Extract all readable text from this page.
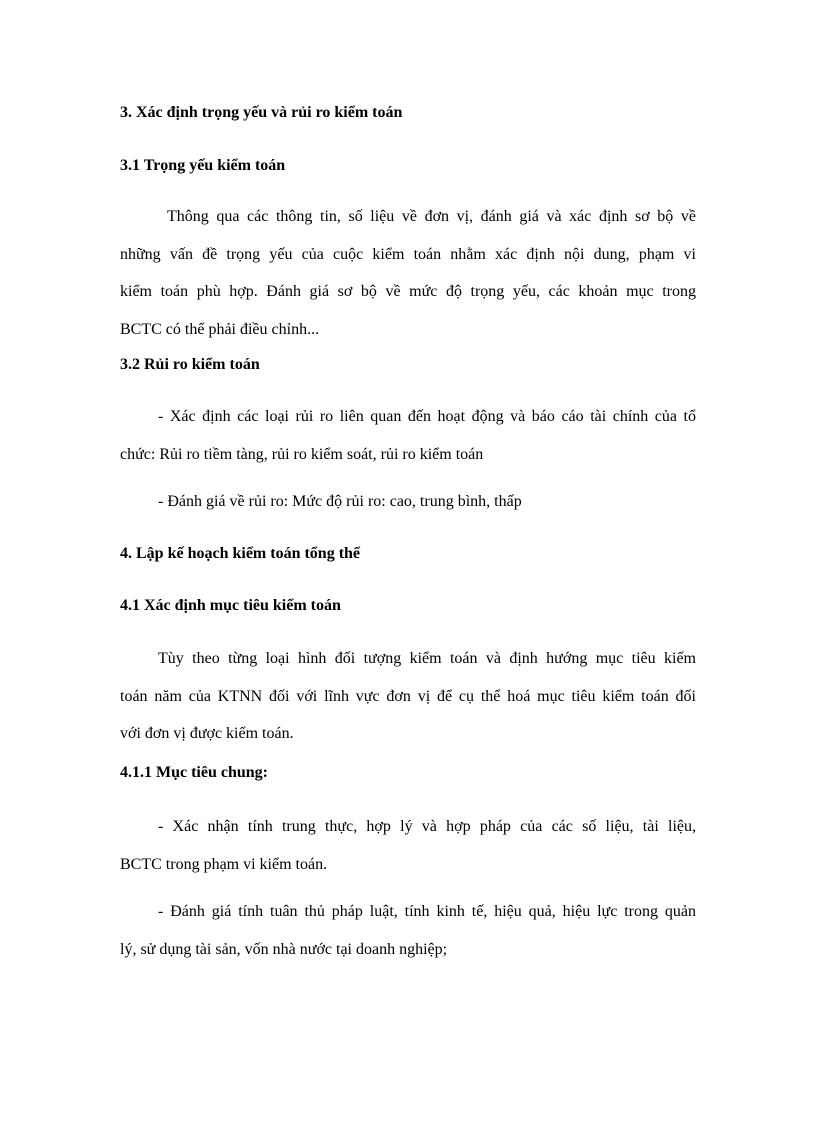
3. Xác định trọng yếu và rủi ro kiểm toán
3.1 Trọng yếu kiểm toán
Thông qua các thông tin, số liệu về đơn vị, đánh giá và xác định sơ bộ về
những vấn đề trọng yếu của cuộc kiểm toán nhằm xác định nội dung, phạm vi
kiểm toán phù hợp. Đánh giá sơ bộ về mức độ trọng yếu, các khoản mục trong
BCTC có thể phải điều chỉnh...
3.2 Rủi ro kiểm toán
- Xác định các loại rủi ro liên quan đến hoạt động và báo cáo tài chính của tổ
chức: Rủi ro tiềm tàng, rủi ro kiểm soát, rủi ro kiểm toán
- Đánh giá về rủi ro: Mức độ rủi ro: cao, trung bình, thấp
4. Lập kế hoạch kiểm toán tổng thể
4.1 Xác định mục tiêu kiểm toán
Tùy theo từng loại hình đối tượng kiểm toán và định hướng mục tiêu kiểm
toán năm của KTNN đối với lĩnh vực đơn vị để cụ thể hoá mục tiêu kiểm toán đối
với đơn vị được kiểm toán.
4.1.1 Mục tiêu chung:
- Xác nhận tính trung thực, hợp lý và hợp pháp của các số liệu, tài liệu,
BCTC trong phạm vi kiểm toán.
- Đánh giá tính tuân thủ pháp luật, tính kinh tế, hiệu quả, hiệu lực trong quản
lý, sử dụng tài sản, vốn nhà nước tại doanh nghiệp;
